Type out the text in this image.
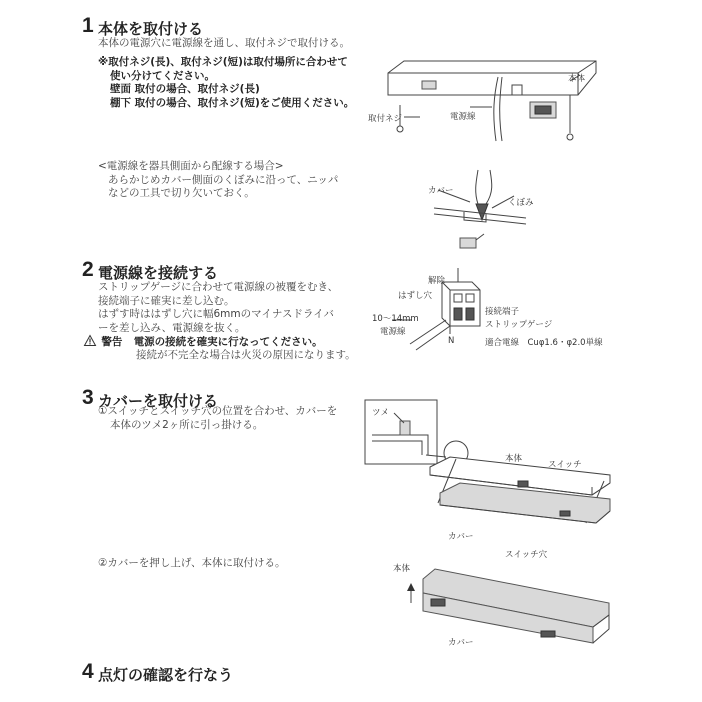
1 本体を取付ける
本体の電源穴に電源線を通し、取付ネジで取付ける。
※取付ネジ(長)、取付ネジ(短)は取付場所に合わせて
使い分けてください。
壁面 取付の場合、取付ネジ(長)
棚下 取付の場合、取付ネジ(短)をご使用ください。
<電源線を器具側面から配線する場合>
あらかじめカバー側面のくぼみに沿って、ニッパ
などの工具で切り欠いておく。
本体
取付ネジ	電源線
カバー
くぼみ
2 電源線を接続する
ストリップゲージに合わせて電源線の被覆をむき、
接続端子に確実に差し込む。
はずす時ははずし穴に幅6mmのマイナスドライバ
ーを差し込み、電源線を抜く。
警告 電源の接続を確実に行なってください。
接続が不完全な場合は火災の原因になります。
解除
はずし穴
10～14mm
電源線
N
接続端子
ストリップゲージ
適合電線　Cuφ1.6・φ2.0単線
3 カバーを取付ける
①スイッチとスイッチ穴の位置を合わせ、カバーを
本体のツメ2ヶ所に引っ掛ける。
ツメ
本体
スイッチ
カバー
スイッチ穴
②カバーを押し上げ、本体に取付ける。	本体
カバー
4 点灯の確認を行なう
